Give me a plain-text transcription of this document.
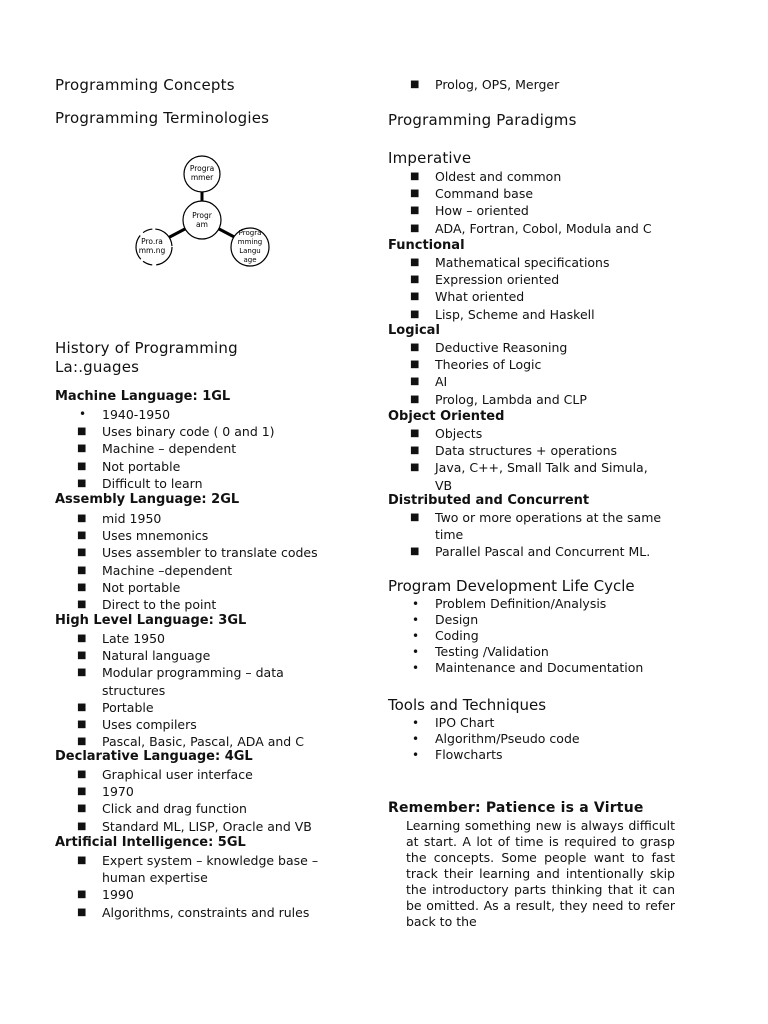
Programming Concepts
Programming Terminologies
Progra
mmer
Progr
am
Pro.ra
mm.ng
Progra
mming
Langu
age
History of Programming
La:.guages
Machine Language: 1GL
• 1940-1950
■ Uses binary code ( 0 and 1)
■ Machine – dependent
■ Not portable
■ Difficult to learn
Assembly Language: 2GL
■ mid 1950
■ Uses mnemonics
■ Uses assembler to translate codes
■ Machine –dependent
■ Not portable
■ Direct to the point
High Level Language: 3GL
■ Late 1950
■ Natural language
■ Modular programming – data structures
■ Portable
■ Uses compilers
■ Pascal, Basic, Pascal, ADA and C
Declarative Language: 4GL
■ Graphical user interface
■ 1970
■ Click and drag function
■ Standard ML, LISP, Oracle and VB
Artificial Intelligence: 5GL
■ Expert system – knowledge base – human expertise
■ 1990
■ Algorithms, constraints and rules
■ Prolog, OPS, Merger
Programming Paradigms
Imperative
■ Oldest and common
■ Command base
■ How – oriented
■ ADA, Fortran, Cobol, Modula and C
Functional
■ Mathematical specifications
■ Expression oriented
■ What oriented
■ Lisp, Scheme and Haskell
Logical
■ Deductive Reasoning
■ Theories of Logic
■ AI
■ Prolog, Lambda and CLP
Object Oriented
■ Objects
■ Data structures + operations
■ Java, C++, Small Talk and Simula, VB
Distributed and Concurrent
■ Two or more operations at the same time
■ Parallel Pascal and Concurrent ML.
Program Development Life Cycle
• Problem Definition/Analysis
• Design
• Coding
• Testing /Validation
• Maintenance and Documentation
Tools and Techniques
• IPO Chart
• Algorithm/Pseudo code
• Flowcharts
Remember: Patience is a Virtue
Learning something new is always difficult at start. A lot of time is required to grasp the concepts. Some people want to fast track their learning and intentionally skip the introductory parts thinking that it can be omitted. As a result, they need to refer back to the
